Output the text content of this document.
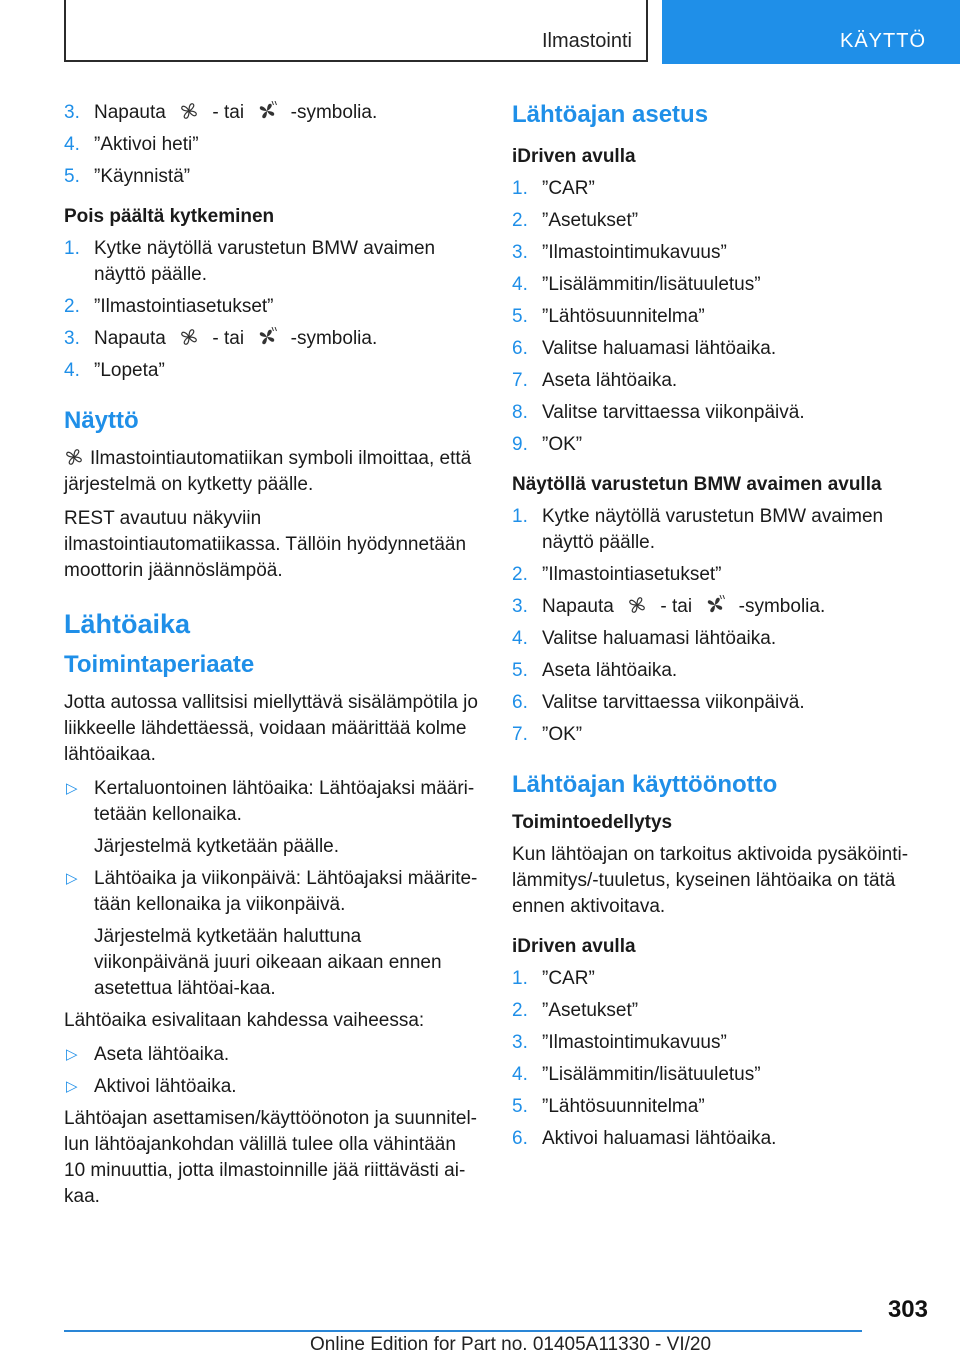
Ilmastointi	KÄYTTÖ
3. Napauta - tai -symbolia.
4. ”Aktivoi heti”
5. ”Käynnistä”
Pois päältä kytkeminen
1. Kytke näytöllä varustetun BMW avaimen näyttö päälle.
2. ”Ilmastointiasetukset”
3. Napauta - tai -symbolia.
4. ”Lopeta”
Näyttö
Ilmastointiautomatiikan symboli ilmoittaa, että järjestelmä on kytketty päälle.
REST avautuu näkyviin ilmastointiautomatiikassa. Tällöin hyödynnetään moottorin jäännöslämpöä.
Lähtöaika
Toimintaperiaate
Jotta autossa vallitsisi miellyttävä sisälämpötila jo liikkeelle lähdettäessä, voidaan määrittää kolme lähtöaikaa.
▷ Kertaluontoinen lähtöaika: Lähtöajaksi määri-tetään kellonaika.
Järjestelmä kytketään päälle.
▷ Lähtöaika ja viikonpäivä: Lähtöajaksi määrite-tään kellonaika ja viikonpäivä.
Järjestelmä kytketään haluttuna viikonpäivänä juuri oikeaan aikaan ennen asetettua lähtöai-kaa.
Lähtöaika esivalitaan kahdessa vaiheessa:
▷ Aseta lähtöaika.
▷ Aktivoi lähtöaika.
Lähtöajan asettamisen/käyttöönoton ja suunnitel-lun lähtöajankohdan välillä tulee olla vähintään 10 minuuttia, jotta ilmastoinnille jää riittävästi ai-kaa.
Lähtöajan asetus
iDriven avulla
1. ”CAR”
2. ”Asetukset”
3. ”Ilmastointimukavuus”
4. ”Lisälämmitin/lisätuuletus”
5. ”Lähtösuunnitelma”
6. Valitse haluamasi lähtöaika.
7. Aseta lähtöaika.
8. Valitse tarvittaessa viikonpäivä.
9. ”OK”
Näytöllä varustetun BMW avaimen avulla
1. Kytke näytöllä varustetun BMW avaimen näyttö päälle.
2. ”Ilmastointiasetukset”
3. Napauta - tai -symbolia.
4. Valitse haluamasi lähtöaika.
5. Aseta lähtöaika.
6. Valitse tarvittaessa viikonpäivä.
7. ”OK”
Lähtöajan käyttöönotto
Toimintoedellytys
Kun lähtöajan on tarkoitus aktivoida pysäköinti-lämmitys/-tuuletus, kyseinen lähtöaika on tätä ennen aktivoitava.
iDriven avulla
1. ”CAR”
2. ”Asetukset”
3. ”Ilmastointimukavuus”
4. ”Lisälämmitin/lisätuuletus”
5. ”Lähtösuunnitelma”
6. Aktivoi haluamasi lähtöaika.
303
Online Edition for Part no. 01405A11330 - VI/20
